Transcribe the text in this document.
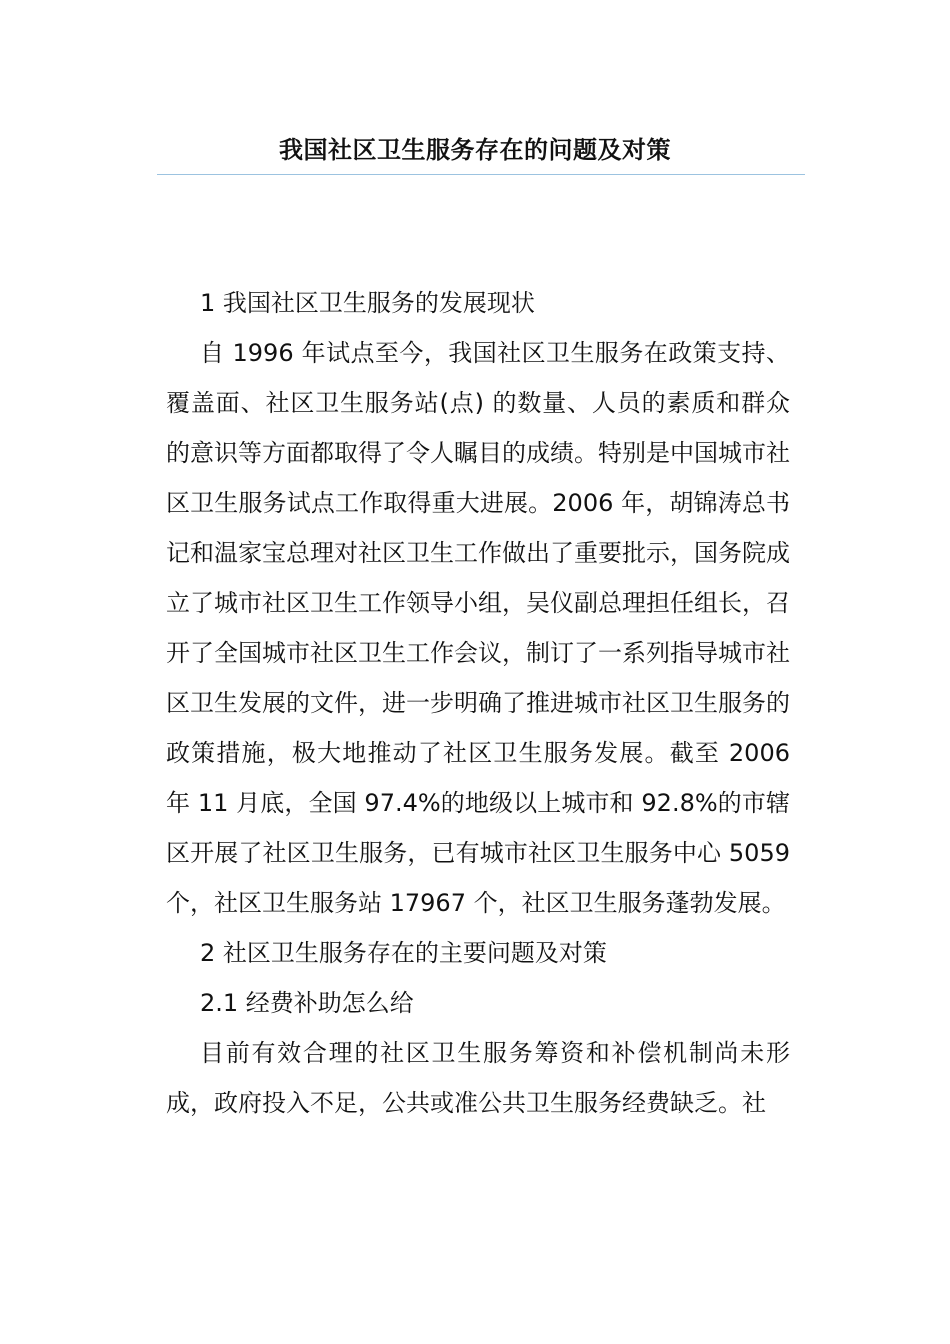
我国社区卫生服务存在的问题及对策

1 我国社区卫生服务的发展现状

自 1996 年试点至今，我国社区卫生服务在政策支持、覆盖面、社区卫生服务站(点) 的数量、人员的素质和群众的意识等方面都取得了令人瞩目的成绩。特别是中国城市社区卫生服务试点工作取得重大进展。2006 年，胡锦涛总书记和温家宝总理对社区卫生工作做出了重要批示，国务院成立了城市社区卫生工作领导小组，吴仪副总理担任组长，召开了全国城市社区卫生工作会议，制订了一系列指导城市社区卫生发展的文件，进一步明确了推进城市社区卫生服务的政策措施，极大地推动了社区卫生服务发展。截至 2006 年 11 月底，全国 97.4%的地级以上城市和 92.8%的市辖区开展了社区卫生服务，已有城市社区卫生服务中心 5059 个，社区卫生服务站 17967 个，社区卫生服务蓬勃发展。

2 社区卫生服务存在的主要问题及对策

2.1 经费补助怎么给

目前有效合理的社区卫生服务筹资和补偿机制尚未形成，政府投入不足，公共或准公共卫生服务经费缺乏。社
